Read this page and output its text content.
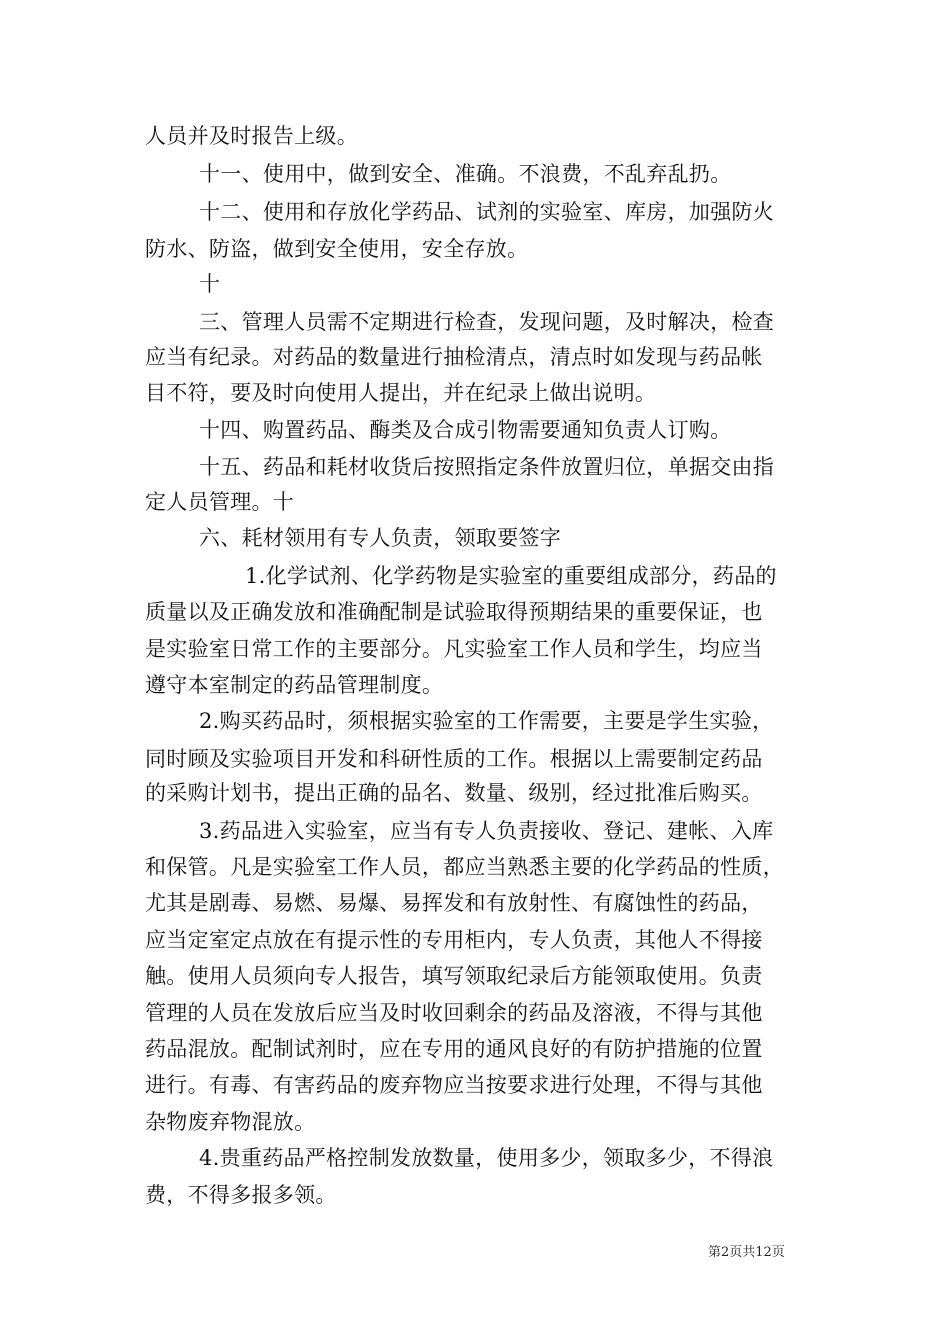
人员并及时报告上级。
十一、使用中，做到安全、准确。不浪费，不乱弃乱扔。
十二、使用和存放化学药品、试剂的实验室、库房，加强防火
防水、防盗，做到安全使用，安全存放。
十
三、管理人员需不定期进行检查，发现问题，及时解决，检查
应当有纪录。对药品的数量进行抽检清点，清点时如发现与药品帐
目不符，要及时向使用人提出，并在纪录上做出说明。
十四、购置药品、酶类及合成引物需要通知负责人订购。
十五、药品和耗材收货后按照指定条件放置归位，单据交由指
定人员管理。十
六、耗材领用有专人负责，领取要签字
1.化学试剂、化学药物是实验室的重要组成部分，药品的
质量以及正确发放和准确配制是试验取得预期结果的重要保证，也
是实验室日常工作的主要部分。凡实验室工作人员和学生，均应当
遵守本室制定的药品管理制度。
2.购买药品时，须根据实验室的工作需要，主要是学生实验，
同时顾及实验项目开发和科研性质的工作。根据以上需要制定药品
的采购计划书，提出正确的品名、数量、级别，经过批准后购买。
3.药品进入实验室，应当有专人负责接收、登记、建帐、入库
和保管。凡是实验室工作人员，都应当熟悉主要的化学药品的性质，
尤其是剧毒、易燃、易爆、易挥发和有放射性、有腐蚀性的药品，
应当定室定点放在有提示性的专用柜内，专人负责，其他人不得接
触。使用人员须向专人报告，填写领取纪录后方能领取使用。负责
管理的人员在发放后应当及时收回剩余的药品及溶液，不得与其他
药品混放。配制试剂时，应在专用的通风良好的有防护措施的位置
进行。有毒、有害药品的废弃物应当按要求进行处理，不得与其他
杂物废弃物混放。
4.贵重药品严格控制发放数量，使用多少，领取多少，不得浪
费，不得多报多领。
第2页共12页
